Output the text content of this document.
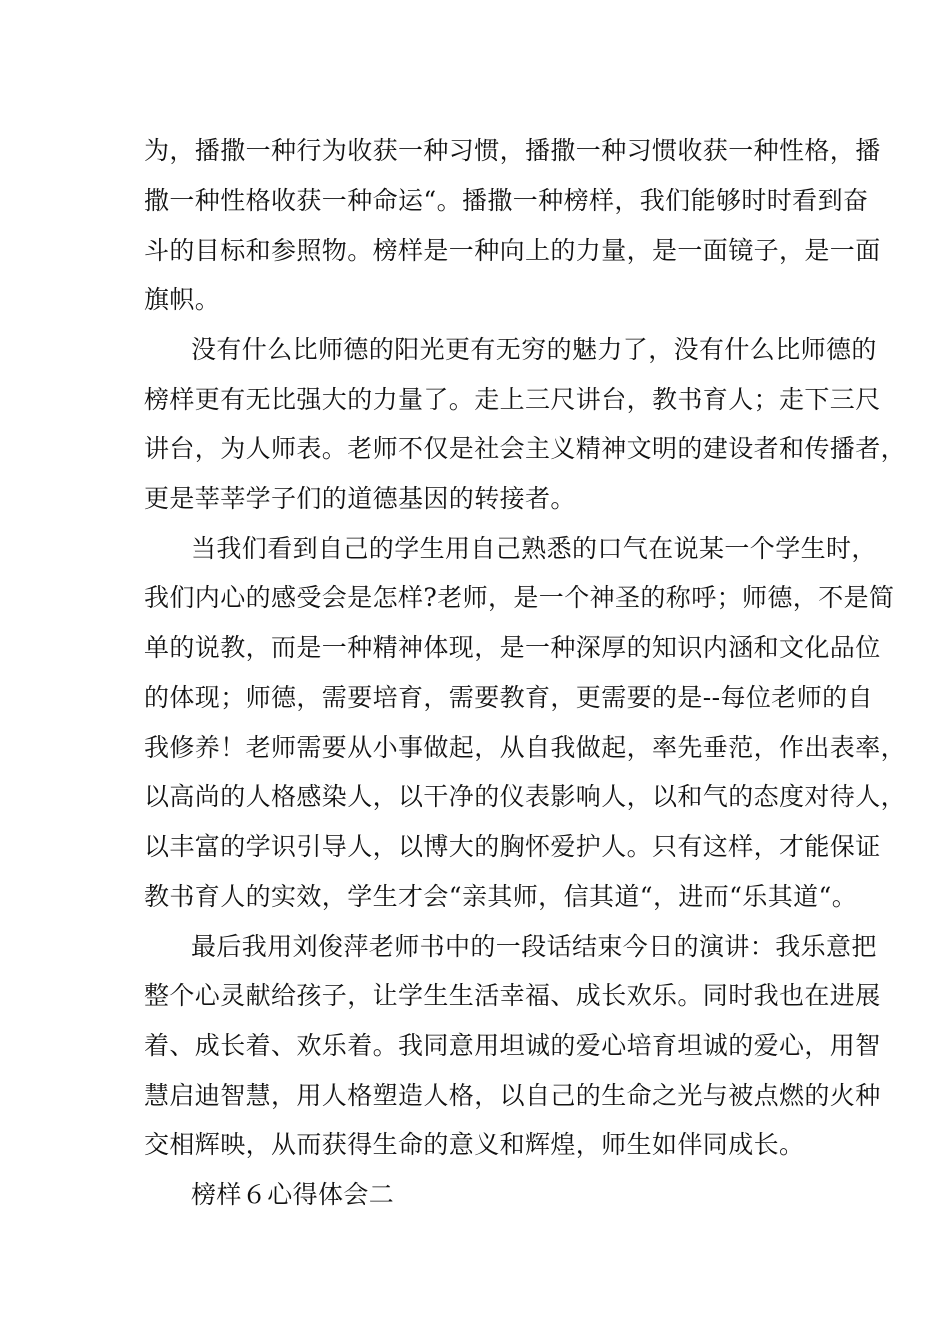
为，播撒一种行为收获一种习惯，播撒一种习惯收获一种性格，播
撒一种性格收获一种命运“。播撒一种榜样，我们能够时时看到奋
斗的目标和参照物。榜样是一种向上的力量，是一面镜子，是一面
旗帜。
没有什么比师德的阳光更有无穷的魅力了，没有什么比师德的
榜样更有无比强大的力量了。走上三尺讲台，教书育人；走下三尺
讲台，为人师表。老师不仅是社会主义精神文明的建设者和传播者，
更是莘莘学子们的道德基因的转接者。
当我们看到自己的学生用自己熟悉的口气在说某一个学生时，
我们内心的感受会是怎样?老师，是一个神圣的称呼；师德，不是简
单的说教，而是一种精神体现，是一种深厚的知识内涵和文化品位
的体现；师德，需要培育，需要教育，更需要的是--每位老师的自
我修养！老师需要从小事做起，从自我做起，率先垂范，作出表率，
以高尚的人格感染人，以干净的仪表影响人，以和气的态度对待人，
以丰富的学识引导人，以博大的胸怀爱护人。只有这样，才能保证
教书育人的实效，学生才会“亲其师，信其道“，进而“乐其道“。
最后我用刘俊萍老师书中的一段话结束今日的演讲：我乐意把
整个心灵献给孩子，让学生生活幸福、成长欢乐。同时我也在进展
着、成长着、欢乐着。我同意用坦诚的爱心培育坦诚的爱心，用智
慧启迪智慧，用人格塑造人格，以自己的生命之光与被点燃的火种
交相辉映，从而获得生命的意义和辉煌，师生如伴同成长。
榜样６心得体会二
